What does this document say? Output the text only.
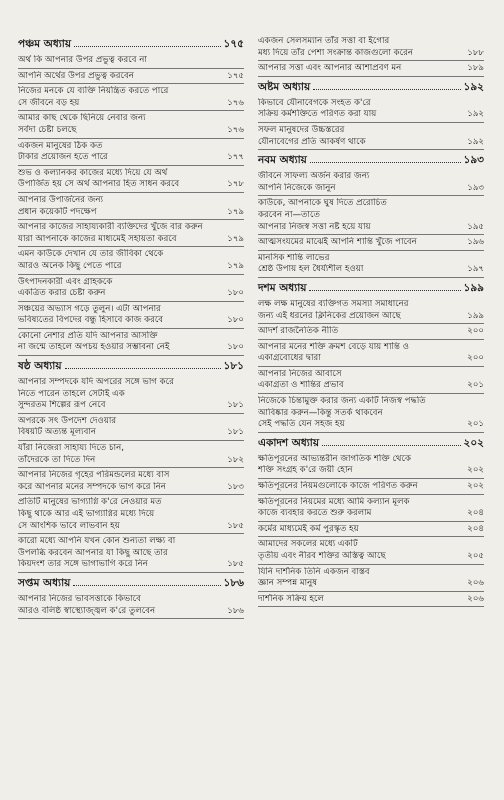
পঞ্চম অধ্যায়	১৭৫
অর্থ কি আপনার উপর প্রভুত্ব করবে না
আপনি অর্থের উপর প্রভুত্ব করবেন	১৭৫
নিজের মনকে যে ব্যক্তি নিয়ন্ত্রিত করতে পারে
সে জীবনে বড় হয়	১৭৬
আমার কাছ থেকে ছিনিয়ে নেবার জন্য
সর্বদা চেষ্টা চলছে	১৭৬
একজন মানুষের ঠিক কত
টাকার প্রয়োজন হতে পারে	১৭৭
শুভ ও কল্যানকর কাজের মধ্যে দিয়ে যে অর্থ
উপার্জিত হয় সে অর্থ আপনার হিত সাধন করবে	১৭৮
আপনার উপার্জনের জন্য
প্রধান কয়েকটি পদক্ষেপ	১৭৯
আপনার কাজের সাহায্যকারী ব্যক্তিদের খুঁজে বার করুন
যারা আপনাকে কাজের মাধ্যমেই সহায়তা করবে	১৭৯
এমন কাউকে দেখান যে তার জীবিকা থেকে
আরও অনেক কিছু পেতে পারে	১৭৯
উৎপাদনকারী এবং গ্রাহককে
একত্রিত করার চেষ্টা করুন	১৮০
সঞ্চয়ের অভ্যাস গড়ে তুলুন। এটা আপনার
ভবিষ্যতের বিপদের বন্ধু হিসাবে কাজ করবে	১৮০
কোনো নেশার প্রতি যদি আপনার আসক্তি
না জন্মে তাহলে অপচয় হওয়ার সম্ভাবনা নেই	১৮০
ষষ্ঠ অধ্যায়	১৮১
আপনার সম্পদকে যদি অপরের সঙ্গে ভাগ করে
নিতে পারেন তাহলে সেটাই এক
সুন্দরতম শিল্পের রূপ নেবে	১৮১
অপরকে সৎ উপদেশ দেওয়ার
বিষয়টি অত্যন্ত মূল্যবান	১৮১
যাঁরা নিজেরা সাহায্য দিতে চান,
তাঁদেরকে তা দিতে দিন	১৮২
আপনার নিজের গৃহের পরিমন্ডলের মধ্যে বাস
করে আপনার মনের সম্পদকে ভাগ করে নিন	১৮৩
প্রতিটি মানুষের ভাগ্যাগ্নি ক'রে নেওয়ার মত
কিছু থাকে আর এই ভাগ্যাগ্নির মধ্যে দিয়ে
সে আংশিক ভাবে লাভবান হয়	১৮৫
কারো মধ্যে আপনি যখন কোন শুন্যতা লক্ষ্য বা
উপলব্ধি করবেন আপনার যা কিছু আছে তার
কিয়দংশ তার সঙ্গে ভাগাভাগি করে নিন	১৮৫
সপ্তম অধ্যায়	১৮৬
আপনার নিজের ভাবসত্তাকে কিভাবে
আরও বলিষ্ঠ স্বাস্থ্যোজ্জ্বল ক'রে তুলবেন	১৮৬
একজন সেলসম্যান তাঁর সত্তা বা ইগোর
মধ্য দিয়ে তাঁর পেশা সংক্রান্ত কাজগুলো করেন	১৮৮
আপনার সত্তা এবং আপনার আশাপ্রবণ মন	১৮৯
অষ্টম অধ্যায়	১৯২
কিভাবে যৌনাবেগকে সংহত ক'রে
সক্রিয় কর্মশক্তিতে পরিণত করা যায়	১৯২
সফল মানুষদের উচ্চস্তরের
যৌনাবেগের প্রতি আকর্ষণ থাকে	১৯২
নবম অধ্যায়	১৯৩
জীবনে সাফল্য অর্জন করার জন্য
আপনি নিজেকে জানুন	১৯৩
কাউকে, আপনাকে ঘুষ দিতে প্ররোচিত
করবেন না—তাতে
আপনার নিজস্ব সত্তা নষ্ট হয়ে যায়	১৯৫
আত্মসংযমের মাঝেই আপনি শান্তি খুঁজে পাবেন	১৯৬
মানসিক শান্তি লাভের
শ্রেষ্ঠ উপায় হল ধৈর্য্যশীল হওয়া	১৯৭
দশম অধ্যায়	১৯৯
লক্ষ লক্ষ মানুষের ব্যক্তিগত সমস্যা সমাধানের
জন্য এই ধরনের ক্লিনিকের প্রয়োজন আছে	১৯৯
আদর্শ রাজনৈতিক নীতি	২০০
আপনার মনের শক্তি ক্রমশ বেড়ে যায় শান্তি ও
একাগ্রবোধের দ্বারা	২০০
আপনার নিজের আবাসে
একাগ্রতা ও শান্তির প্রভাব	২০১
নিজেকে চিন্তামুক্ত করার জন্য একটি নিজস্ব পদ্ধতি
আবিষ্কার করুন—কিন্তু সতর্ক থাকবেন
সেই পদ্ধতি যেন সহজ হয়	২০১
একাদশ অধ্যায়	২০২
ক্ষতিপূরনের আভ্যন্তরীন জাগতিক শক্তি থেকে
শক্তি সংগ্রহ ক'রে জয়ী হোন	২০২
ক্ষতিপূরনের নিয়মগুলোকে কাজে পরিণত করুন	২০২
ক্ষতিপূরনের নিয়মের মধ্যে আমি কল্যান মূলক
কাজে ব্যবহার করতে শুরু করলাম	২০৪
কর্মের মাধ্যমেই কর্ম পুরস্কৃত হয়	২০৪
আমাদের সকলের মধ্যে একটি
তৃতীয় এবং নীরব শক্তির অস্তিত্ব আছে	২০৫
যিনি দার্শনিক তিনি একজন বাস্তব
জ্ঞান সম্পন্ন মানুষ	২০৬
দার্শনিক সক্রিয় হলে	২০৬
